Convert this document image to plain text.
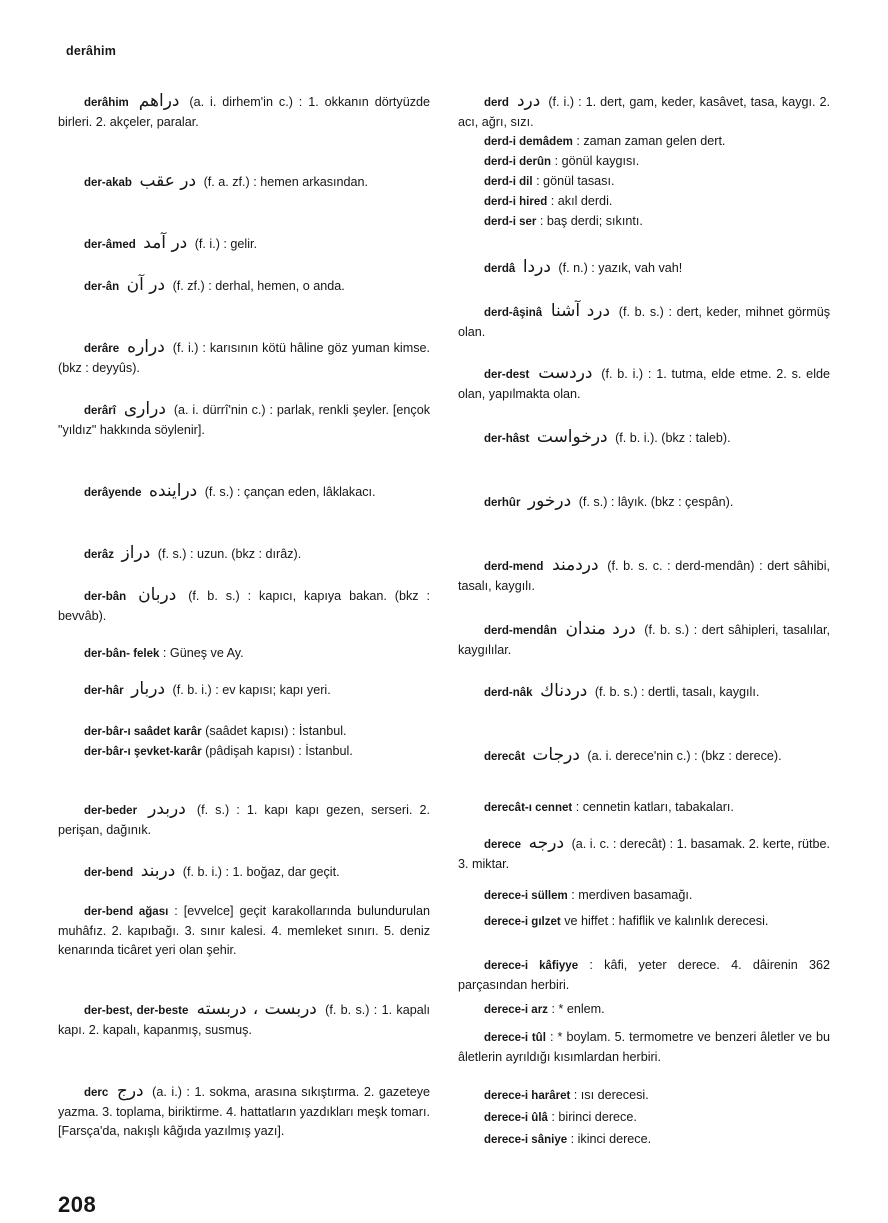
derâhim

derâhim دراهم (a. i. dirhem'in c.) : 1. okkanın dörtyüzde birleri. 2. akçeler, paralar.

der-akab در عقب (f. a. zf.) : hemen arkasından.

der-âmed در آمد (f. i.) : gelir.

der-ân در آن (f. zf.) : derhal, hemen, o anda.

derâre دراره (f. i.) : karısının kötü hâline göz yuman kimse. (bkz : deyyûs).

derârî درارى (a. i. dürrî'nin c.) : parlak, renkli şeyler. [ençok "yıldız" hakkında söylenir].

derâyende دراينده (f. s.) : çançan eden, lâklakacı.

derâz دراز (f. s.) : uzun. (bkz : dırâz).

der-bân دربان (f. b. s.) : kapıcı, kapıya bakan. (bkz : bevvâb).

der-bân- felek : Güneş ve Ay.

der-hâr دربار (f. b. i.) : ev kapısı; kapı yeri.

der-bâr-ı saâdet karâr (saâdet kapısı) : İstanbul.

der-bâr-ı şevket-karâr (pâdişah kapısı) : İstanbul.

der-beder دربدر (f. s.) : 1. kapı kapı gezen, serseri. 2. perişan, dağınık.

der-bend دربند (f. b. i.) : 1. boğaz, dar geçit.

der-bend ağası : [evvelce] geçit karakollarında bulundurulan muhâfız. 2. kapıbağı. 3. sınır kalesi. 4. memleket sınırı. 5. deniz kenarında ticâret yeri olan şehir.

der-best, der-beste دربست ، دربسته (f. b. s.) : 1. kapalı kapı. 2. kapalı, kapanmış, susmuş.

derc درج (a. i.) : 1. sokma, arasına sıkıştırma. 2. gazeteye yazma. 3. toplama, biriktirme. 4. hattatların yazdıkları meşk tomarı. [Farsça'da, nakışlı kâğıda yazılmış yazı].

derd درد (f. i.) : 1. dert, gam, keder, kasâvet, tasa, kaygı. 2. acı, ağrı, sızı.

derd-i demâdem : zaman zaman gelen dert.

derd-i derûn : gönül kaygısı.

derd-i dil : gönül tasası.

derd-i hired : akıl derdi.

derd-i ser : baş derdi; sıkıntı.

derdâ دردا (f. n.) : yazık, vah vah!

derd-âşinâ درد آشنا (f. b. s.) : dert, keder, mihnet görmüş olan.

der-dest دردست (f. b. i.) : 1. tutma, elde etme. 2. s. elde olan, yapılmakta olan.

der-hâst درخواست (f. b. i.). (bkz : taleb).

derhûr درخور (f. s.) : lâyık. (bkz : çespân).

derd-mend دردمند (f. b. s. c. : derd-mendân) : dert sâhibi, tasalı, kaygılı.

derd-mendân درد مندان (f. b. s.) : dert sâhipleri, tasalılar, kaygılılar.

derd-nâk دردناك (f. b. s.) : dertli, tasalı, kaygılı.

derecât درجات (a. i. derece'nin c.) : (bkz : derece).

derecât-ı cennet : cennetin katları, tabakaları.

derece درجه (a. i. c. : derecât) : 1. basamak. 2. kerte, rütbe. 3. miktar.

derece-i süllem : merdiven basamağı.

derece-i gılzet ve hiffet : hafiflik ve kalınlık derecesi.

derece-i kâfiyye : kâfi, yeter derece. 4. dâirenin 362 parçasından herbiri.

derece-i arz : * enlem.

derece-i tûl : * boylam. 5. termometre ve benzeri âletler ve bu âletlerin ayrıldığı kısımlardan herbiri.

derece-i harâret : ısı derecesi.

derece-i ûlâ : birinci derece.

derece-i sâniye : ikinci derece.

208
